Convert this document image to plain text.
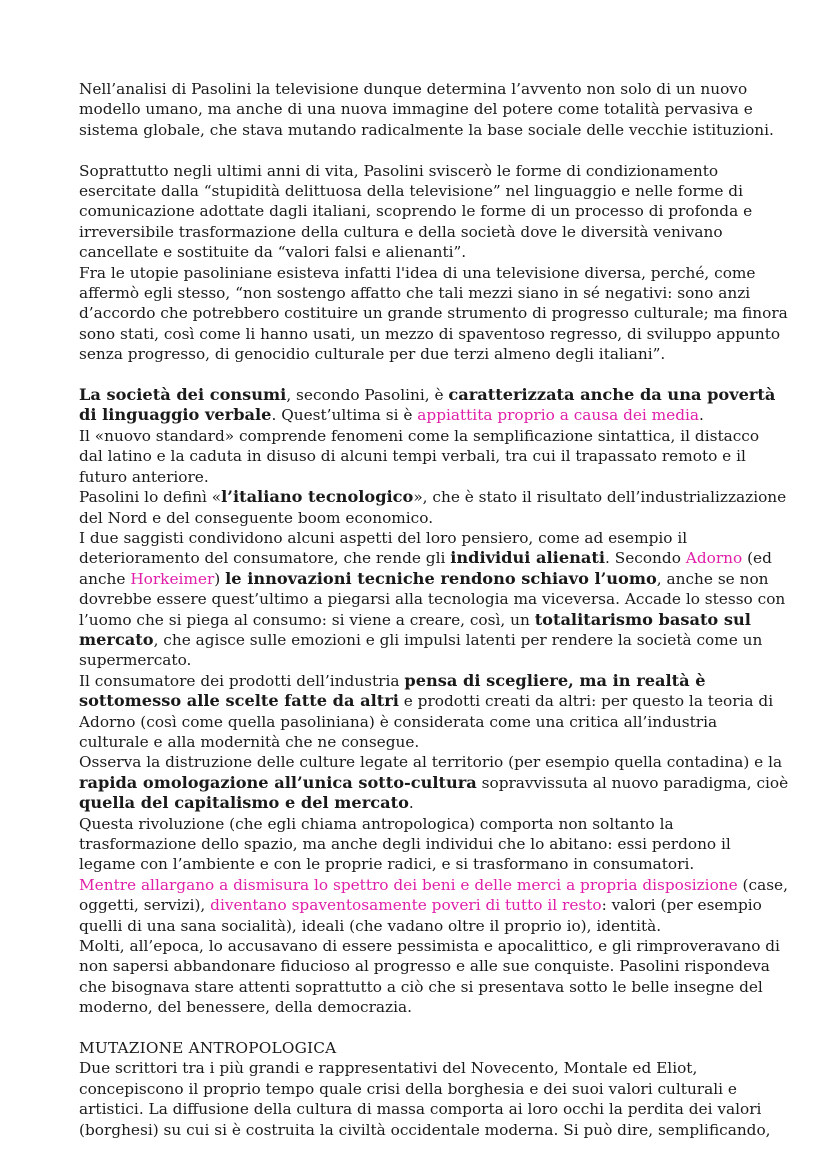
Nell’analisi di Pasolini la televisione dunque determina l’avvento non solo di un nuovo
modello umano, ma anche di una nuova immagine del potere come totalità pervasiva e
sistema globale, che stava mutando radicalmente la base sociale delle vecchie istituzioni.

Soprattutto negli ultimi anni di vita, Pasolini sviscerò le forme di condizionamento
esercitate dalla “stupidità delittuosa della televisione” nel linguaggio e nelle forme di
comunicazione adottate dagli italiani, scoprendo le forme di un processo di profonda e
irreversibile trasformazione della cultura e della società dove le diversità venivano
cancellate e sostituite da “valori falsi e alienanti”.
Fra le utopie pasoliniane esisteva infatti l'idea di una televisione diversa, perché, come
affermò egli stesso, “non sostengo affatto che tali mezzi siano in sé negativi: sono anzi
d’accordo che potrebbero costituire un grande strumento di progresso culturale; ma finora
sono stati, così come li hanno usati, un mezzo di spaventoso regresso, di sviluppo appunto
senza progresso, di genocidio culturale per due terzi almeno degli italiani”.

La società dei consumi, secondo Pasolini, è caratterizzata anche da una povertà
di linguaggio verbale. Quest’ultima si è appiattita proprio a causa dei media.
Il «nuovo standard» comprende fenomeni come la semplificazione sintattica, il distacco
dal latino e la caduta in disuso di alcuni tempi verbali, tra cui il trapassato remoto e il
futuro anteriore.
Pasolini lo definì «l’italiano tecnologico», che è stato il risultato dell’industrializzazione
del Nord e del conseguente boom economico.
I due saggisti condividono alcuni aspetti del loro pensiero, come ad esempio il
deterioramento del consumatore, che rende gli individui alienati. Secondo Adorno (ed
anche Horkeimer) le innovazioni tecniche rendono schiavo l’uomo, anche se non
dovrebbe essere quest’ultimo a piegarsi alla tecnologia ma viceversa. Accade lo stesso con
l’uomo che si piega al consumo: si viene a creare, così, un totalitarismo basato sul
mercato, che agisce sulle emozioni e gli impulsi latenti per rendere la società come un
supermercato.
Il consumatore dei prodotti dell’industria pensa di scegliere, ma in realtà è
sottomesso alle scelte fatte da altri e prodotti creati da altri: per questo la teoria di
Adorno (così come quella pasoliniana) è considerata come una critica all’industria
culturale e alla modernità che ne consegue.
Osserva la distruzione delle culture legate al territorio (per esempio quella contadina) e la
rapida omologazione all’unica sotto-cultura sopravvissuta al nuovo paradigma, cioè
quella del capitalismo e del mercato.
Questa rivoluzione (che egli chiama antropologica) comporta non soltanto la
trasformazione dello spazio, ma anche degli individui che lo abitano: essi perdono il
legame con l’ambiente e con le proprie radici, e si trasformano in consumatori.
Mentre allargano a dismisura lo spettro dei beni e delle merci a propria disposizione (case,
oggetti, servizi), diventano spaventosamente poveri di tutto il resto: valori (per esempio
quelli di una sana socialità), ideali (che vadano oltre il proprio io), identità.
Molti, all’epoca, lo accusavano di essere pessimista e apocalittico, e gli rimproveravano di
non sapersi abbandonare fiducioso al progresso e alle sue conquiste. Pasolini rispondeva
che bisognava stare attenti soprattutto a ciò che si presentava sotto le belle insegne del
moderno, del benessere, della democrazia.

MUTAZIONE ANTROPOLOGICA

Due scrittori tra i più grandi e rappresentativi del Novecento, Montale ed Eliot,
concepiscono il proprio tempo quale crisi della borghesia e dei suoi valori culturali e
artistici. La diffusione della cultura di massa comporta ai loro occhi la perdita dei valori
(borghesi) su cui si è costruita la civiltà occidentale moderna. Si può dire, semplificando,
